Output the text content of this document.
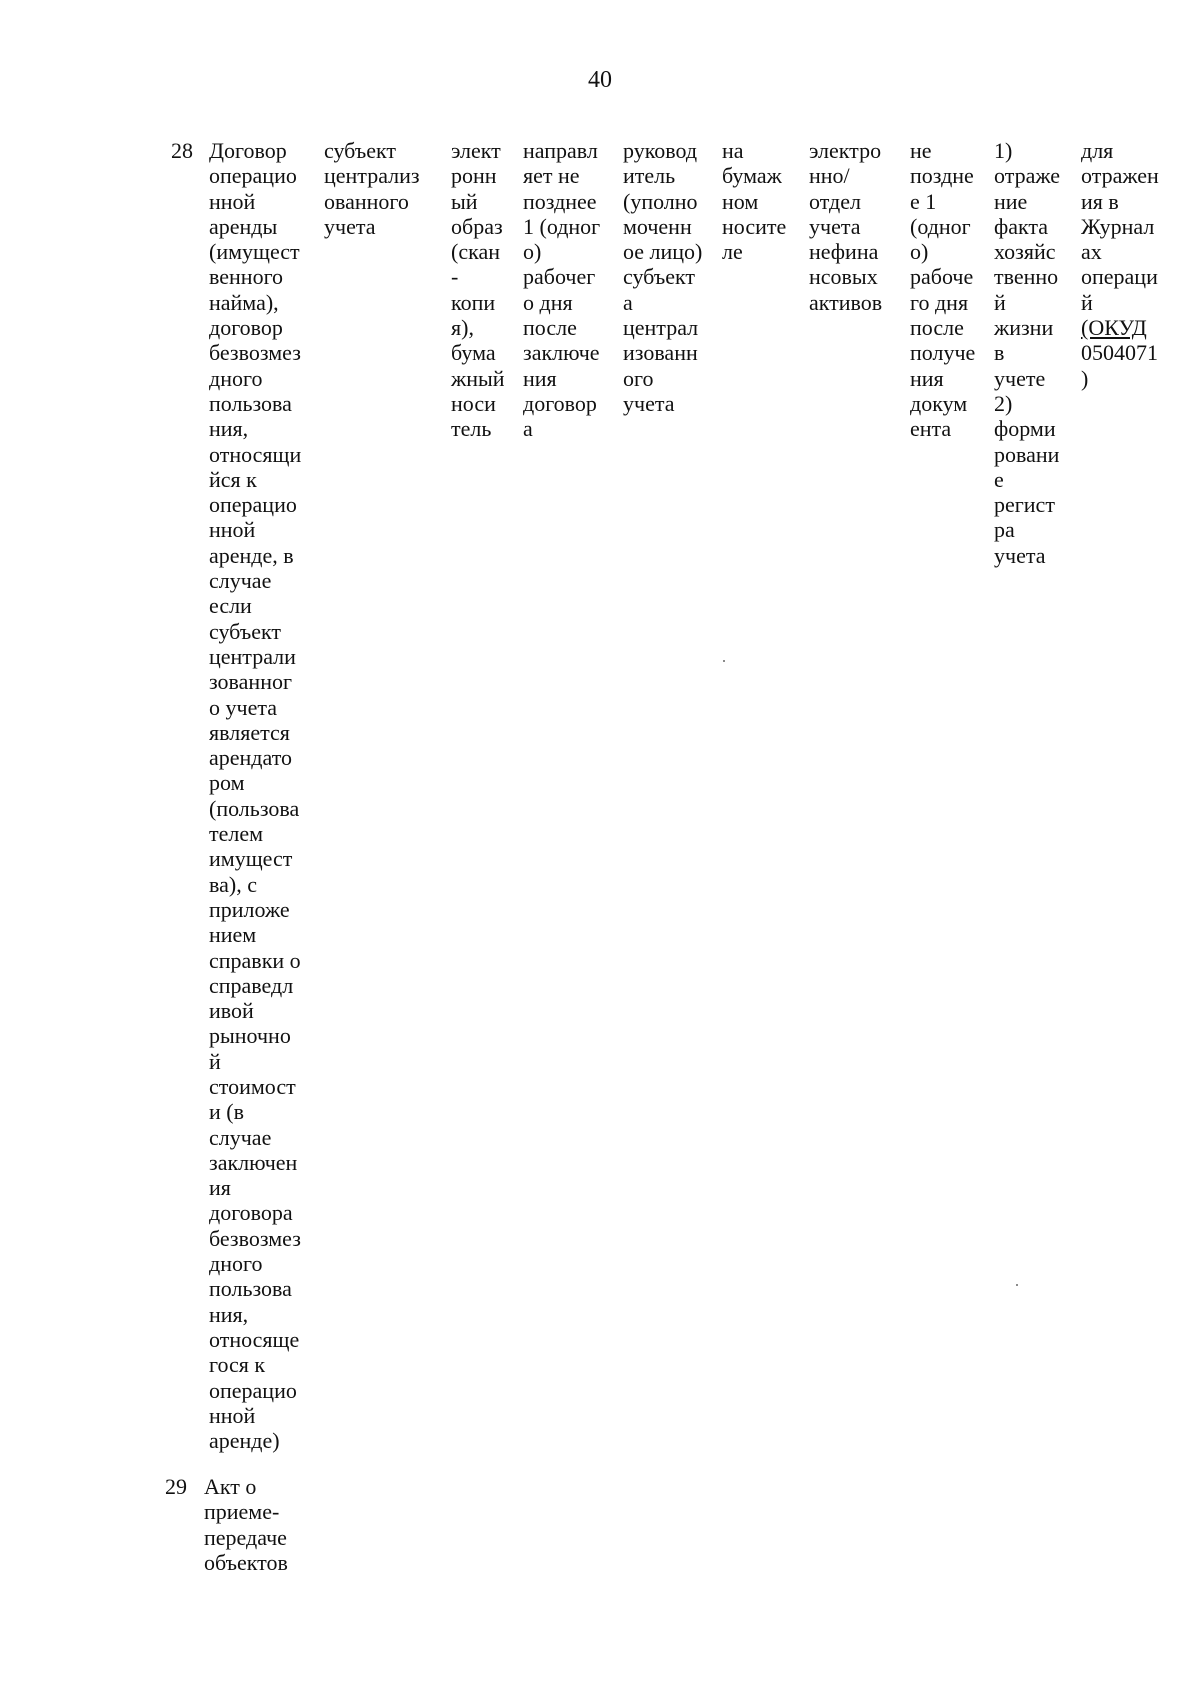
40
28 Договор
операцио
нной
аренды
(имущест
венного
найма),
договор
безвозмез
дного
пользова
ния,
относящи
йся к
операцио
нной
аренде, в
случае
если
субъект
централи
зованног
о учета
является
арендато
ром
(пользова
телем
имущест
ва), с
приложе
нием
справки о
справедл
ивой
рыночно
й
стоимост
и (в
случае
заключен
ия
договора
безвозмез
дного
пользова
ния,
относяще
гося к
операцио
нной
аренде)
субъект
централиз
ованного
учета
элект
ронн
ый
образ
(скан
-
копи
я),
бума
жный
носи
тель
направл
яет не
позднее
1 (одног
о)
рабочег
о дня
после
заключе
ния
договор
а
руковод
итель
(уполно
моченн
ое лицо)
субъект
а
централ
изованн
ого
учета
на
бумаж
ном
носите
ле
электро
нно/
отдел
учета
нефина
нсовых
активов
не
поздне
е 1
(одног
о)
рабоче
го дня
после
получе
ния
докум
ента
1)
отраже
ние
факта
хозяйс
твенно
й
жизни
в
учете
2)
форми
ровани
е
регист
ра
учета
для
отражен
ия в
Журнал
ах
операци
й
(ОКУД
0504071
)
29 Акт о
приеме-
передаче
объектов
